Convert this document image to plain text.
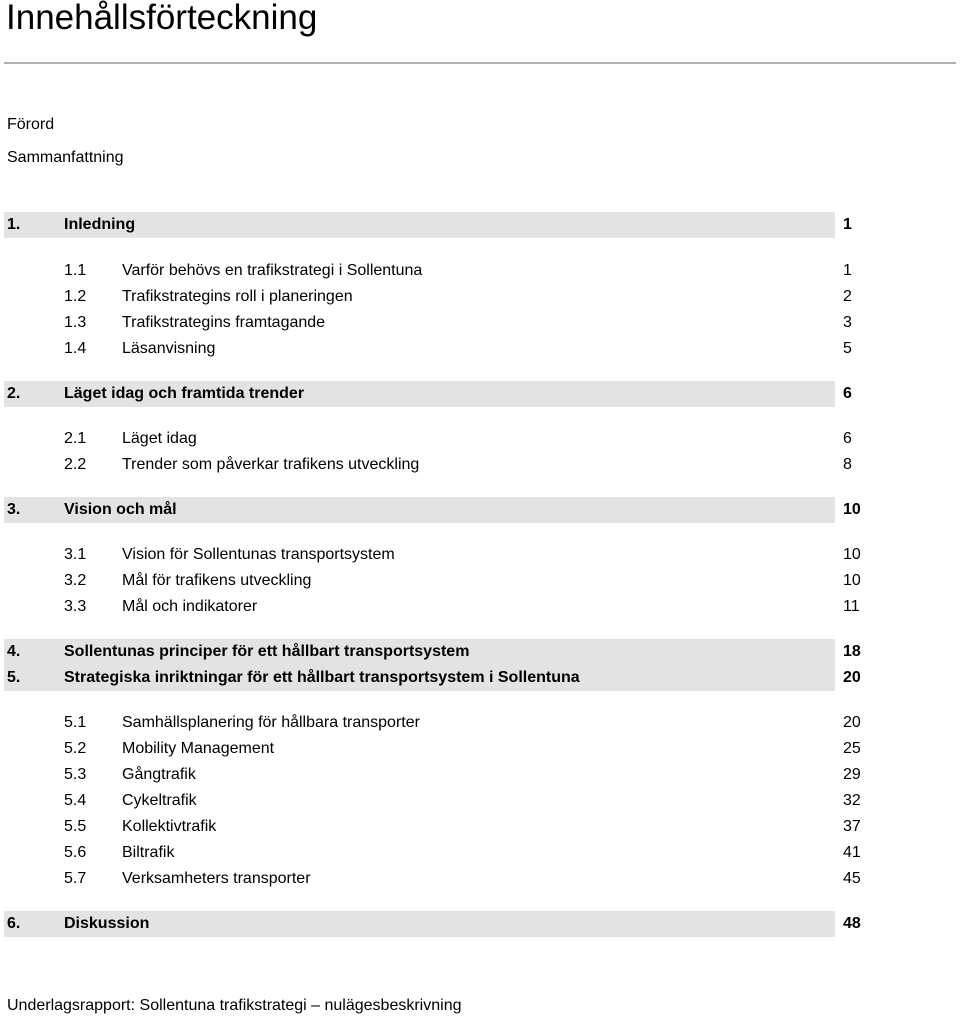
Innehållsförteckning
Förord
Sammanfattning
1.	Inledning	1
1.1 Varför behövs en trafikstrategi i Sollentuna	1
1.2 Trafikstrategins roll i planeringen	2
1.3 Trafikstrategins framtagande	3
1.4 Läsanvisning	5
2.	Läget idag och framtida trender	6
2.1 Läget idag	6
2.2 Trender som påverkar trafikens utveckling	8
3.	Vision och mål	10
3.1 Vision för Sollentunas transportsystem	10
3.2 Mål för trafikens utveckling	10
3.3 Mål och indikatorer	11
4.	Sollentunas principer för ett hållbart transportsystem	18
5.	Strategiska inriktningar för ett hållbart transportsystem i Sollentuna	20
5.1 Samhällsplanering för hållbara transporter	20
5.2 Mobility Management	25
5.3 Gångtrafik	29
5.4 Cykeltrafik	32
5.5 Kollektivtrafik	37
5.6 Biltrafik	41
5.7 Verksamheters transporter	45
6.	Diskussion	48
Underlagsrapport: Sollentuna trafikstrategi – nulägesbeskrivning
